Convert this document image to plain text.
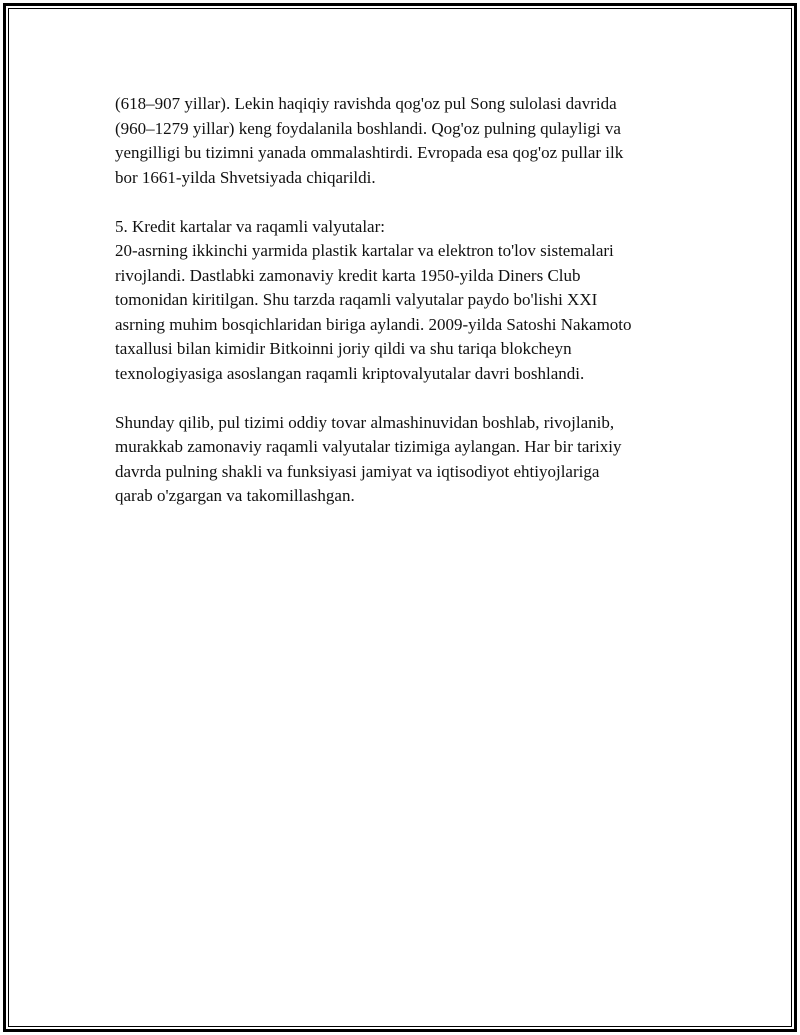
(618–907 yillar). Lekin haqiqiy ravishda qog'oz pul Song sulolasi davrida
(960–1279 yillar) keng foydalanila boshlandi. Qog'oz pulning qulayligi va
yengilligi bu tizimni yanada ommalashtirdi. Evropada esa qog'oz pullar ilk
bor 1661-yilda Shvetsiyada chiqarildi.

5. Kredit kartalar va raqamli valyutalar:
20-asrning ikkinchi yarmida plastik kartalar va elektron to'lov sistemalari
rivojlandi. Dastlabki zamonaviy kredit karta 1950-yilda Diners Club
tomonidan kiritilgan. Shu tarzda raqamli valyutalar paydo bo'lishi XXI
asrning muhim bosqichlaridan biriga aylandi. 2009-yilda Satoshi Nakamoto
taxallusi bilan kimidir Bitkoinni joriy qildi va shu tariqa blokcheyn
texnologiyasiga asoslangan raqamli kriptovalyutalar davri boshlandi.

Shunday qilib, pul tizimi oddiy tovar almashinuvidan boshlab, rivojlanib,
murakkab zamonaviy raqamli valyutalar tizimiga aylangan. Har bir tarixiy
davrda pulning shakli va funksiyasi jamiyat va iqtisodiyot ehtiyojlariga
qarab o'zgargan va takomillashgan.
